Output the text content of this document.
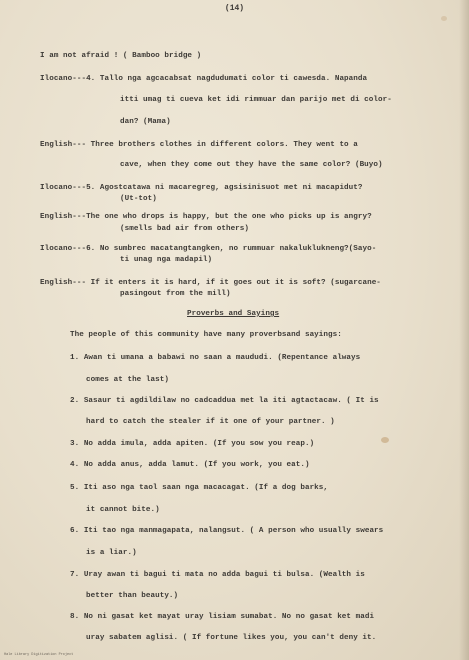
(14)
I am not afraid ! ( Bamboo bridge )
Ilocano---4. Tallo nga agcacabsat nagdudumati color ti cawesda. Napanda
itti umag ti cueva ket idi rimmuar dan parijo met di color-
dan? (Mama)
English--- Three brothers clothes in different colors. They went to a
cave, when they come out they have the same color? (Buyo)
Ilocano---5. Agostcatawa ni macaregreg, agsisinisuot met ni macapidut?
(Ut-tot)
English---The one who drops is happy, but the one who picks up is angry?
(smells bad air from others)
Ilocano---6. No sumbrec macatangtangken, no rummuar nakaluklukneng?(Sayo-
ti unag nga madapil)
English--- If it enters it is hard, if it goes out it is soft? (sugarcane-
pasingout from the mill)
Proverbs and Sayings
The people of this community have many proverbsand sayings:
1. Awan ti umana a babawi no saan a maududi. (Repentance always
comes at the last)
2. Sasaur ti agdildilaw no cadcaddua met la iti agtactacaw. ( It is
hard to catch the stealer if it one of your partner. )
3. No adda imula, adda apiten. (If you sow you reap.)
4. No adda anus, adda lamut. (If you work, you eat.)
5. Iti aso nga taol saan nga macacagat. (If a dog barks,
it cannot bite.)
6. Iti tao nga manmagapata, nalangsut. ( A person who usually swears
is a liar.)
7. Uray awan ti bagui ti mata no adda bagui ti bulsa. (Wealth is
better than beauty.)
8. No ni gasat ket mayat uray lisiam sumabat. No no gasat ket madi
uray sabatem aglisi. ( If fortune likes you, you can't deny it.
Hale Library Digitization Project
